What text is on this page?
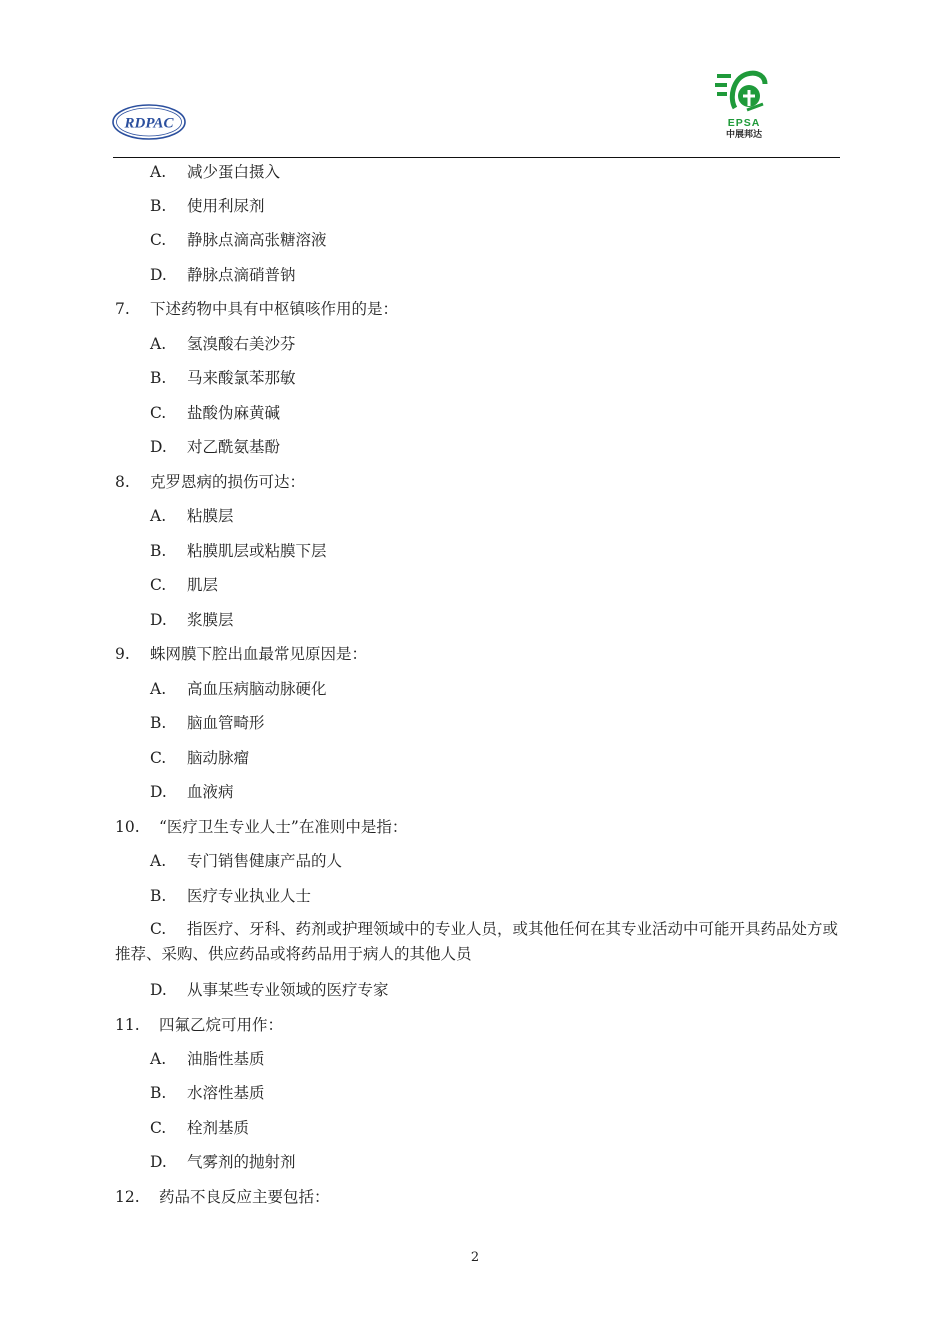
RDPAC	EPSA
中展邦达
A. 减少蛋白摄入
B. 使用利尿剂
C. 静脉点滴高张糖溶液
D. 静脉点滴硝普钠
7. 下述药物中具有中枢镇咳作用的是：
A. 氢溴酸右美沙芬
B. 马来酸氯苯那敏
C. 盐酸伪麻黄碱
D. 对乙酰氨基酚
8. 克罗恩病的损伤可达：
A. 粘膜层
B. 粘膜肌层或粘膜下层
C. 肌层
D. 浆膜层
9. 蛛网膜下腔出血最常见原因是：
A. 高血压病脑动脉硬化
B. 脑血管畸形
C. 脑动脉瘤
D. 血液病
10. “医疗卫生专业人士”在准则中是指：
A. 专门销售健康产品的人
B. 医疗专业执业人士
C. 指医疗、牙科、药剂或护理领域中的专业人员，或其他任何在其专业活动中可能开具药品处方或推荐、采购、供应药品或将药品用于病人的其他人员
D. 从事某些专业领域的医疗专家
11. 四氟乙烷可用作：
A. 油脂性基质
B. 水溶性基质
C. 栓剂基质
D. 气雾剂的抛射剂
12. 药品不良反应主要包括：
2
